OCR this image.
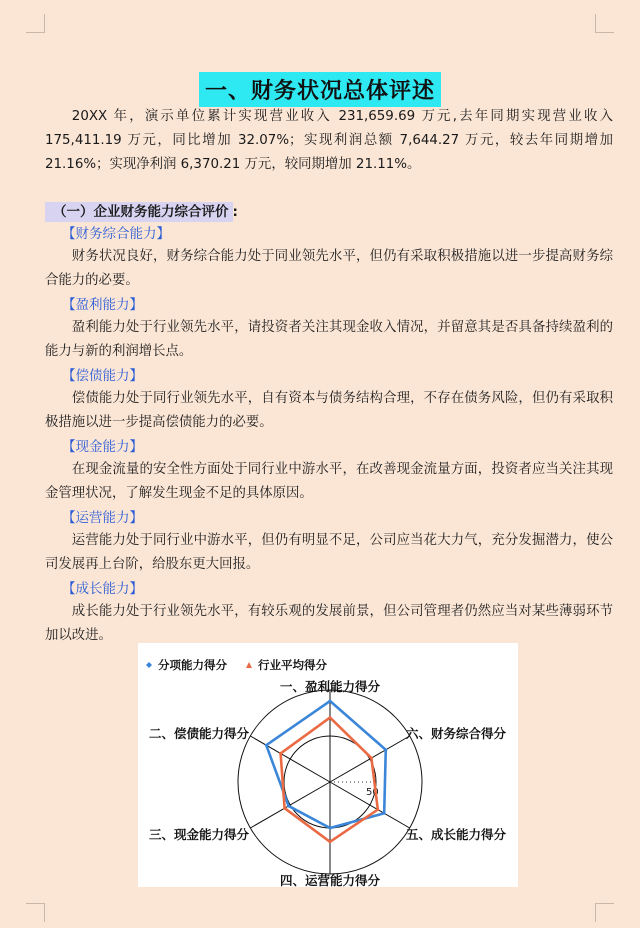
一、财务状况总体评述
20XX 年，演示单位累计实现营业收入 231,659.69 万元,去年同期实现营业收入 175,411.19 万元，同比增加 32.07%；实现利润总额 7,644.27 万元，较去年同期增加 21.16%；实现净利润 6,370.21 万元，较同期增加 21.11%。
（一）企业财务能力综合评价 :
【财务综合能力】
财务状况良好，财务综合能力处于同业领先水平，但仍有采取积极措施以进一步提高财务综合能力的必要。
【盈利能力】
盈利能力处于行业领先水平，请投资者关注其现金收入情况，并留意其是否具备持续盈利的能力与新的利润增长点。
【偿债能力】
偿债能力处于同行业领先水平，自有资本与债务结构合理，不存在债务风险，但仍有采取积极措施以进一步提高偿债能力的必要。
【现金能力】
在现金流量的安全性方面处于同行业中游水平，在改善现金流量方面，投资者应当关注其现金管理状况，了解发生现金不足的具体原因。
【运营能力】
运营能力处于同行业中游水平，但仍有明显不足，公司应当花大力气，充分发掘潜力，使公司发展再上台阶，给股东更大回报。
【成长能力】
成长能力处于行业领先水平，有较乐观的发展前景，但公司管理者仍然应当对某些薄弱环节加以改进。
50
一、盈利能力得分
六、财务综合得分
五、成长能力得分
四、运营能力得分
三、现金能力得分
二、偿债能力得分
分项能力得分	行业平均得分
